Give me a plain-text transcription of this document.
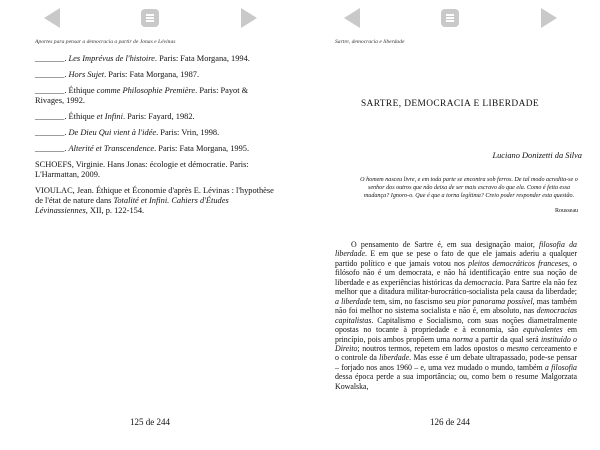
Aportes para pensar a democracia a partir de Jonas e Lévinas
_______. Les Imprévus de l'histoire. Paris: Fata Morgana, 1994.
_______. Hors Sujet. Paris: Fata Morgana, 1987.
_______. Éthique comme Philosophie Première. Paris: Payot & Rivages, 1992.
_______. Éthique et Infini. Paris: Fayard, 1982.
_______. De Dieu Qui vient à l'idée. Paris: Vrin, 1998.
_______. Alterité et Transcendence. Paris: Fata Morgana, 1995.
SCHOEFS, Virginie. Hans Jonas: écologie et démocratie. Paris: L'Harmattan, 2009.
VIOULAC, Jean. Éthique et Économie d'après E. Lévinas : l'hypothèse de l'état de nature dans Totalité et Infini. Cahiers d'Études Lévinassiennes, XII, p. 122-154.
125 de 244
Sartre, democracia e liberdade
SARTRE, DEMOCRACIA E LIBERDADE
Luciano Donizetti da Silva
O homem nasceu livre, e em toda parte se encontra sob ferros. De tal modo acredita-se o senhor dos outros que não deixa de ser mais escravo do que ela. Como é feita essa mudança? Ignoro-o. Que é que a torna legítima? Creio poder responder esta questão.
Rousseau
O pensamento de Sartre é, em sua designação maior, filosofia da liberdade. E em que se pese o fato de que ele jamais aderiu a qualquer partido político e que jamais votou nos pleitos democráticos franceses, o filósofo não é um democrata, e não há identificação entre sua noção de liberdade e as experiências históricas da democracia. Para Sartre ela não fez melhor que a ditadura militar-burocrático-socialista pela causa da liberdade; a liberdade tem, sim, no fascismo seu pior panorama possível, mas também não foi melhor no sistema socialista e não é, em absoluto, nas democracias capitalistas. Capitalismo e Socialismo, com suas noções diametralmente opostas no tocante à propriedade e à economia, são equivalentes em princípio, pois ambos propõem uma norma a partir da qual será instituído o Direito; noutros termos, repetem em lados opostos o mesmo cerceamento e o controle da liberdade. Mas esse é um debate ultrapassado, pode-se pensar – forjado nos anos 1960 – e, uma vez mudado o mundo, também a filosofia dessa época perde a sua importância; ou, como bem o resume Malgorzata Kowalska,
126 de 244
